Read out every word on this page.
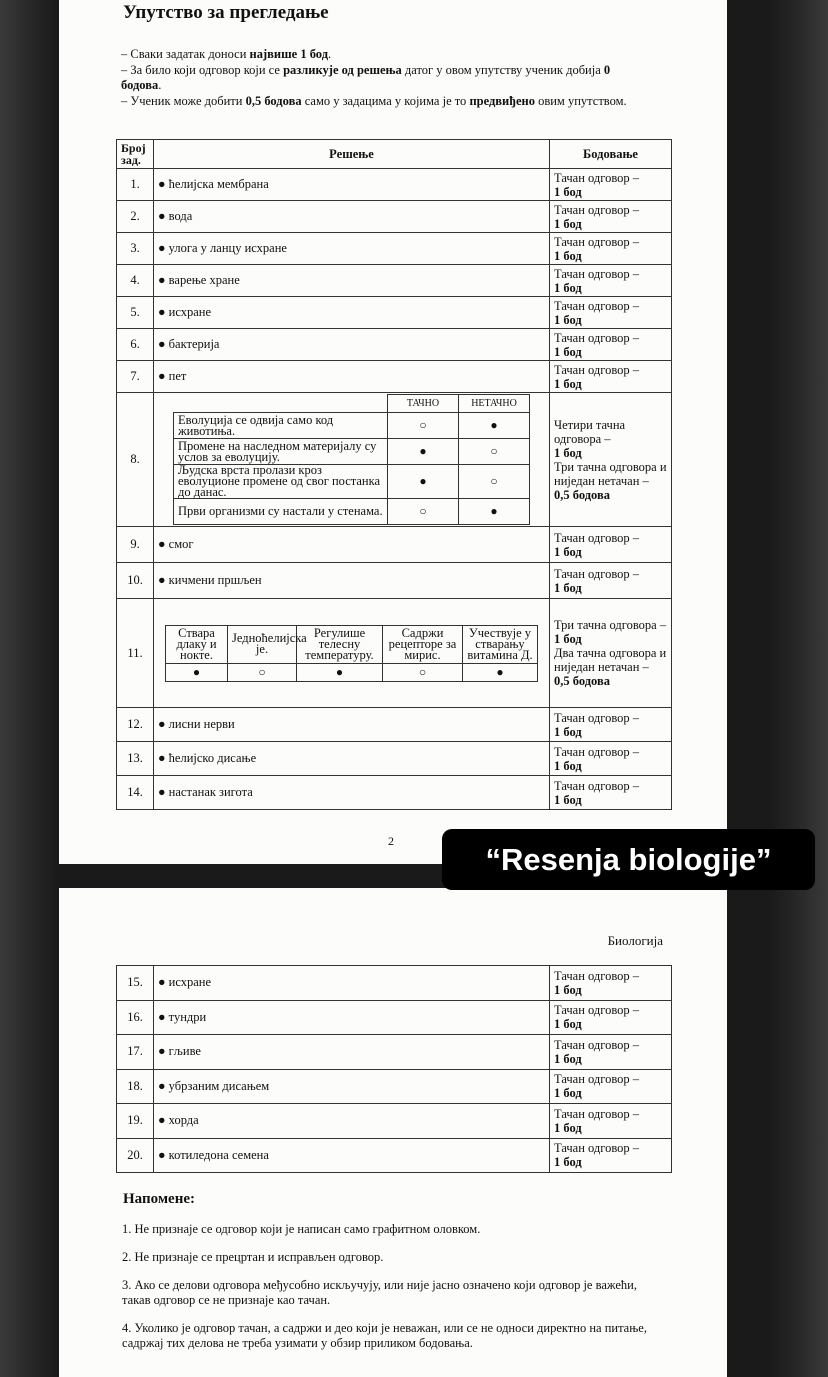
Упутство за прегледање

– Сваки задатак доноси највише 1 бод.

– За било који одговор који се разликује од решења датог у овом упутству ученик добија 0 бодова.

– Ученик може добити 0,5 бодова само у задацима у којима је то предвиђено овим упутством.

Број зад.	Решење	Бодовање
1.	● ћелијска мембрана	Тачан одговор –
1 бод

2.	● вода	Тачан одговор –
1 бод

3.	● улога у ланцу исхране	Тачан одговор –
1 бод

4.	● варење хране	Тачан одговор –
1 бод

5.	● исхране	Тачан одговор –
1 бод

6.	● бактерија	Тачан одговор –
1 бод

7.	● пет	Тачан одговор –
1 бод

8.	
	ТАЧНО	НЕТАЧНО
Еволуција се одвија само код животиња.	○	●
Промене на наследном материјалу су услов за еволуцију.	●	○
Људска врста пролази кроз еволуционе промене од свог постанка до данас.	●	○
Први организми су настали у стенама.	○	●

Четири тачна одговора –
1 бод
Три тачна одговора и ниједан нетачан –
0,5 бодова

9.	● смог	Тачан одговор –
1 бод

10.	● кичмени пршљен	Тачан одговор –
1 бод

11.	
Ствара длаку и нокте.	Једноћелијска је.	Регулише телесну температуру.	Садржи рецепторе за мирис.	Учествује у стварању витамина Д.
●	○	●	○	●

Три тачна одговора –
1 бод
Два тачна одговора и ниједан нетачан –
0,5 бодова

12.	● лисни нерви	Тачан одговор –
1 бод

13.	● ћелијско дисање	Тачан одговор –
1 бод

14.	● настанак зигота	Тачан одговор –
1 бод
2
Биологија
15.	● исхране	Тачан одговор –
1 бод

16.	● тундри	Тачан одговор –
1 бод

17.	● гљиве	Тачан одговор –
1 бод

18.	● убрзаним дисањем	Тачан одговор –
1 бод

19.	● хорда	Тачан одговор –
1 бод

20.	● котиледона семена	Тачан одговор –
1 бод
Напомене:

1. Не признаје се одговор који је написан само графитном оловком.

2. Не признаје се прецртан и исправљен одговор.

3. Ако се делови одговора међусобно искључују, или није јасно означено који одговор је важећи, такав одговор се не признаје као тачан.

4. Уколико је одговор тачан, а садржи и део који је неважан, или се не односи директно на питање, садржај тих делова не треба узимати у обзир приликом бодовања.

“Resenja biologije”
